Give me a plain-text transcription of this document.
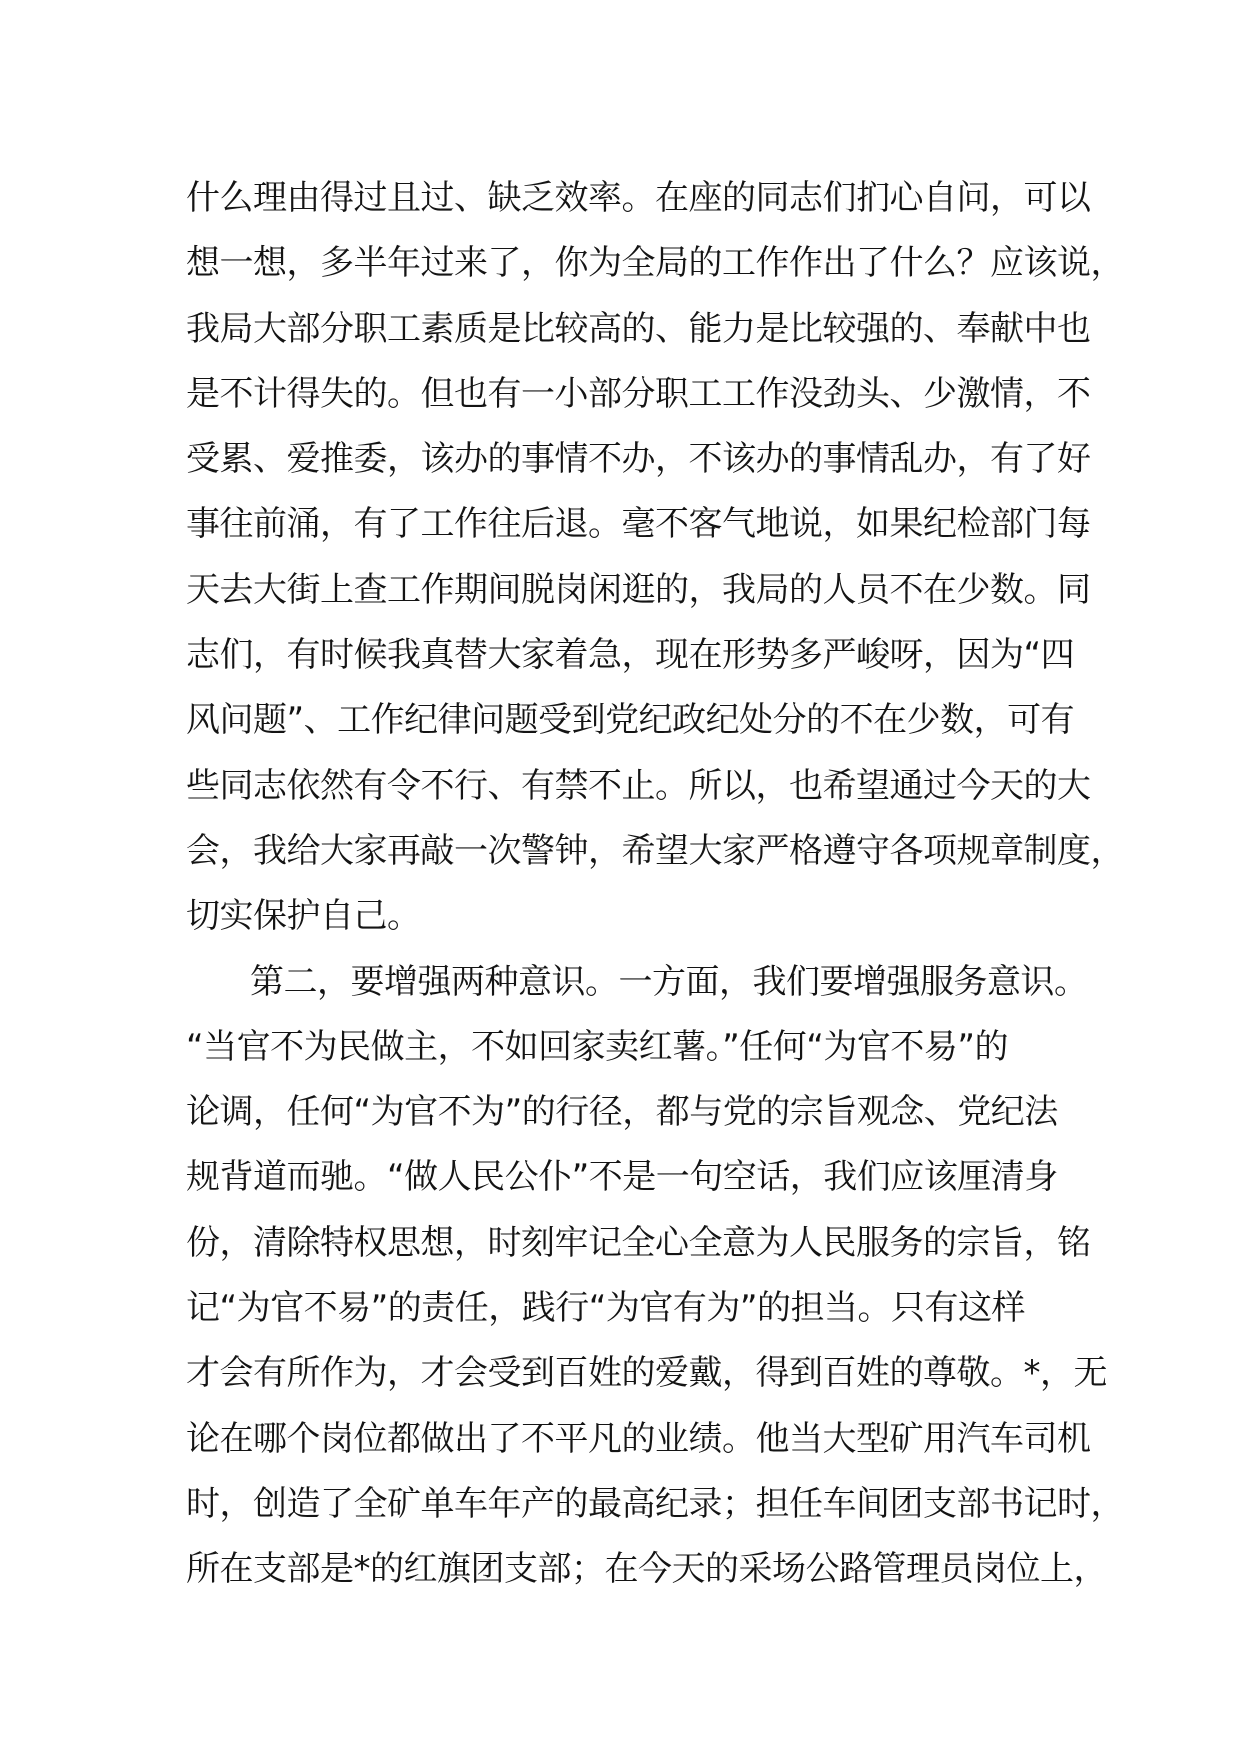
什么理由得过且过、缺乏效率。在座的同志们扪心自问，可以
想一想，多半年过来了，你为全局的工作作出了什么？应该说，
我局大部分职工素质是比较高的、能力是比较强的、奉献中也
是不计得失的。但也有一小部分职工工作没劲头、少激情，不
受累、爱推委，该办的事情不办，不该办的事情乱办，有了好
事往前涌，有了工作往后退。毫不客气地说，如果纪检部门每
天去大街上查工作期间脱岗闲逛的，我局的人员不在少数。同
志们，有时候我真替大家着急，现在形势多严峻呀，因为“四
风问题”、工作纪律问题受到党纪政纪处分的不在少数，可有
些同志依然有令不行、有禁不止。所以，也希望通过今天的大
会，我给大家再敲一次警钟，希望大家严格遵守各项规章制度，
切实保护自己。
第二，要增强两种意识。一方面，我们要增强服务意识。
“当官不为民做主，不如回家卖红薯。”任何“为官不易”的
论调，任何“为官不为”的行径，都与党的宗旨观念、党纪法
规背道而驰。“做人民公仆”不是一句空话，我们应该厘清身
份，清除特权思想，时刻牢记全心全意为人民服务的宗旨，铭
记“为官不易”的责任，践行“为官有为”的担当。只有这样
才会有所作为，才会受到百姓的爱戴，得到百姓的尊敬。*，无
论在哪个岗位都做出了不平凡的业绩。他当大型矿用汽车司机
时，创造了全矿单车年产的最高纪录；担任车间团支部书记时，
所在支部是*的红旗团支部；在今天的采场公路管理员岗位上，
